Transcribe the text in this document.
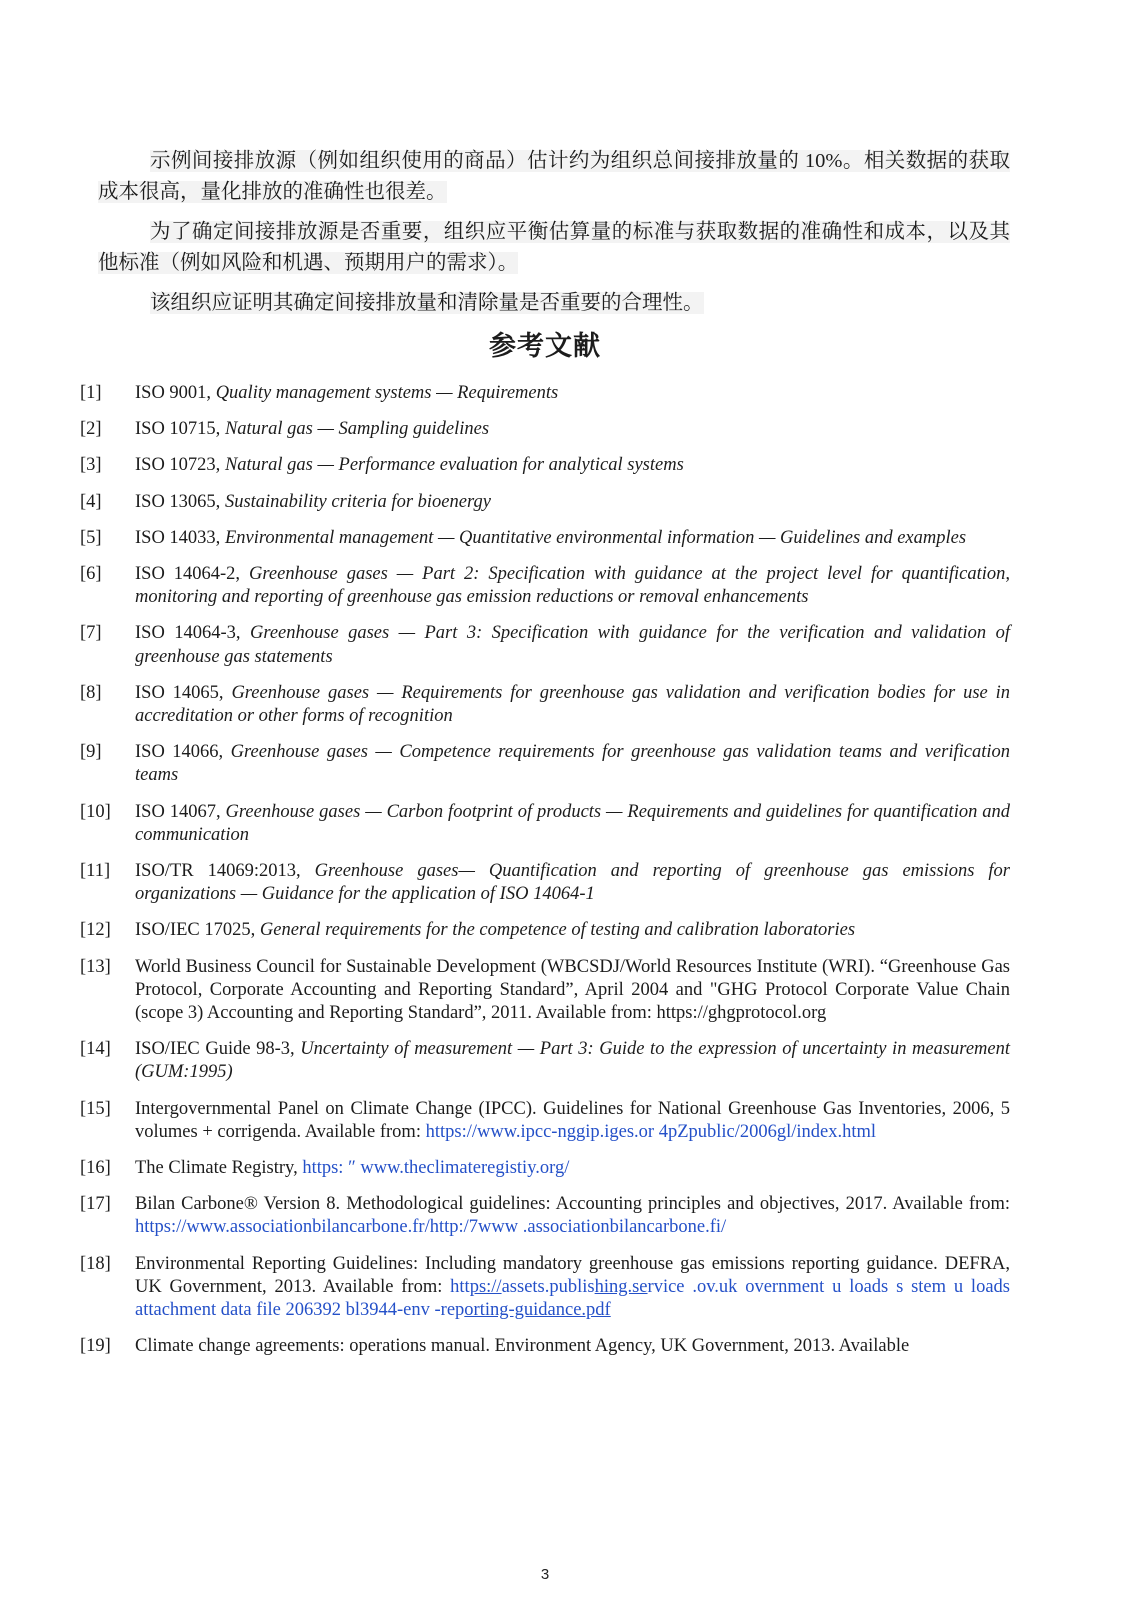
示例间接排放源（例如组织使用的商品）估计约为组织总间接排放量的 10%。相关数据的获取成本很高，量化排放的准确性也很差。

为了确定间接排放源是否重要，组织应平衡估算量的标准与获取数据的准确性和成本，以及其他标准（例如风险和机遇、预期用户的需求）。

该组织应证明其确定间接排放量和清除量是否重要的合理性。

参考文献
[1] ISO 9001, Quality management systems — Requirements
[2] ISO 10715, Natural gas — Sampling guidelines
[3] ISO 10723, Natural gas — Performance evaluation for analytical systems
[4] ISO 13065, Sustainability criteria for bioenergy
[5] ISO 14033, Environmental management — Quantitative environmental information — Guidelines and examples
[6] ISO 14064-2, Greenhouse gases — Part 2: Specification with guidance at the project level for quantification, monitoring and reporting of greenhouse gas emission reductions or removal enhancements
[7] ISO 14064-3, Greenhouse gases — Part 3: Specification with guidance for the verification and validation of greenhouse gas statements
[8] ISO 14065, Greenhouse gases — Requirements for greenhouse gas validation and verification bodies for use in accreditation or other forms of recognition
[9] ISO 14066, Greenhouse gases — Competence requirements for greenhouse gas validation teams and verification teams
[10] ISO 14067, Greenhouse gases — Carbon footprint of products — Requirements and guidelines for quantification and communication
[11] ISO/TR 14069:2013, Greenhouse gases— Quantification and reporting of greenhouse gas emissions for organizations — Guidance for the application of ISO 14064-1
[12] ISO/IEC 17025, General requirements for the competence of testing and calibration laboratories
[13] World Business Council for Sustainable Development (WBCSDJ/World Resources Institute (WRI). “Greenhouse Gas Protocol, Corporate Accounting and Reporting Standard”, April 2004 and "GHG Protocol Corporate Value Chain (scope 3) Accounting and Reporting Standard”, 2011. Available from: https://ghgprotocol.org
[14] ISO/IEC Guide 98-3, Uncertainty of measurement — Part 3: Guide to the expression of uncertainty in measurement (GUM:1995)
[15] Intergovernmental Panel on Climate Change (IPCC). Guidelines for National Greenhouse Gas Inventories, 2006, 5 volumes + corrigenda. Available from: https://www.ipcc-nggip.iges.or 4pZpublic/2006gl/index.html
[16] The Climate Registry, https: ″ www.theclimateregistiy.org/
[17] Bilan Carbone® Version 8. Methodological guidelines: Accounting principles and objectives, 2017. Available from: https://www.associationbilancarbone.fr/http:/7www .associationbilancarbone.fi/
[18] Environmental Reporting Guidelines: Including mandatory greenhouse gas emissions reporting guidance. DEFRA, UK Government, 2013. Available from: https://assets.publishing.service .ov.uk overnment u loads s stem u loads attachment data file 206392 bl3944-env -reporting-guidance.pdf
[19] Climate change agreements: operations manual. Environment Agency, UK Government, 2013. Available
3
